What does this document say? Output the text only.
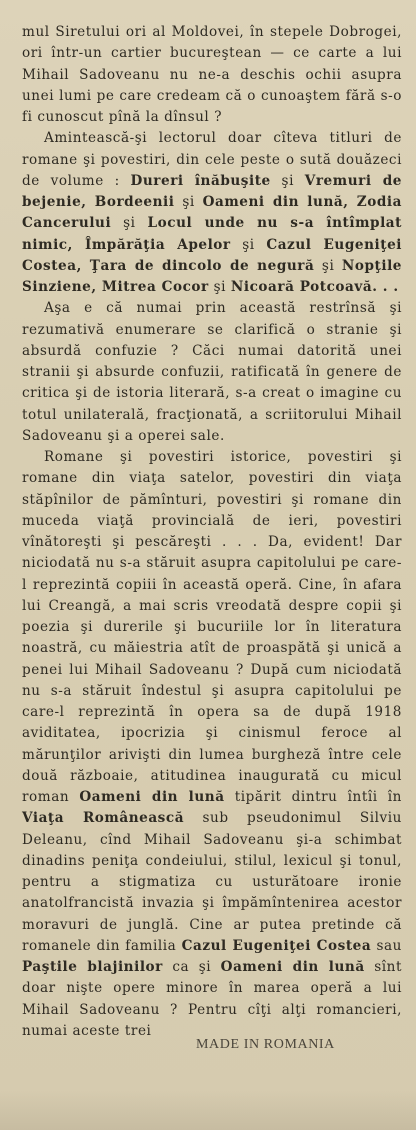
mul Siretului ori al Moldovei, în stepele Dobrogei, ori într-un cartier bucureştean — ce carte a lui Mihail Sadoveanu nu ne-a deschis ochii asupra unei lumi pe care credeam că o cunoaştem fără s-o fi cunoscut pînă la dînsul ?

Amintească-şi lectorul doar cîteva titluri de romane şi povestiri, din cele peste o sută douăzeci de volume : Dureri înăbuşite şi Vremuri de bejenie, Bordeenii şi Oameni din lună, Zodia Cancerului şi Locul unde nu s-a întîmplat nimic, Împărăţia Apelor şi Cazul Eugeniţei Costea, Ţara de dincolo de negură şi Nopţile Sinziene, Mitrea Cocor şi Nicoară Potcoavă. . .

Aşa e că numai prin această restrînsă şi rezumativă enumerare se clarifică o stranie şi absurdă confuzie ? Căci numai datorită unei stranii şi absurde confuzii, ratificată în genere de critica şi de istoria literară, s-a creat o imagine cu totul unilaterală, fracţionată, a scriitorului Mihail Sadoveanu şi a operei sale.

Romane şi povestiri istorice, povestiri şi romane din viaţa satelor, povestiri din viaţa stăpînilor de pămînturi, povestiri şi romane din muceda viaţă provincială de ieri, povestiri vînătoreşti şi pescăreşti . . . Da, evident! Dar niciodată nu s-a stăruit asupra capitolului pe care-l reprezintă copiii în această operă. Cine, în afara lui Creangă, a mai scris vreodată despre copii şi poezia şi durerile şi bucuriile lor în literatura noastră, cu măiestria atît de proaspătă şi unică a penei lui Mihail Sadoveanu ? După cum niciodată nu s-a stăruit îndestul şi asupra capitolului pe care-l reprezintă în opera sa de după 1918 aviditatea, ipocrizia şi cinismul feroce al mărunţilor arivişti din lumea burgheză între cele două războaie, atitudinea inaugurată cu micul roman Oameni din lună tipărit dintru întîi în Viaţa Românească sub pseudonimul Silviu Deleanu, cînd Mihail Sadoveanu şi-a schimbat dinadins peniţa condeiului, stilul, lexicul şi tonul, pentru a stigmatiza cu usturătoare ironie anatolfrancistă invazia şi împămîntenirea acestor moravuri de junglă. Cine ar putea pretinde că romanele din familia Cazul Eugeniţei Costea sau Paştile blajinilor ca şi Oameni din lună sînt doar nişte opere minore în marea operă a lui Mihail Sadoveanu ? Pentru cîţi alţi romancieri, numai aceste trei

MADE IN ROMANIA
